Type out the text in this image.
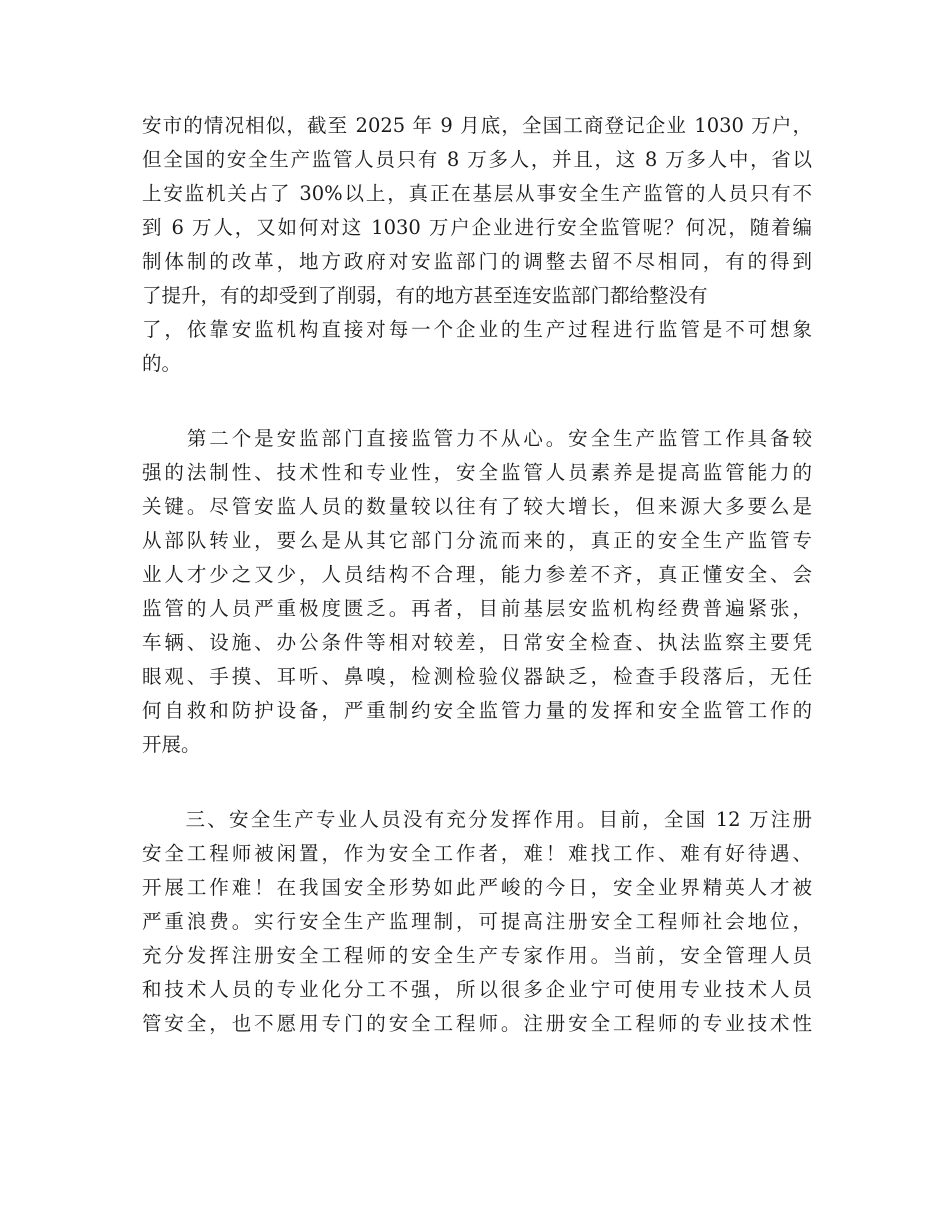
安市的情况相似，截至 2025 年 9 月底，全国工商登记企业 1030 万户，
但全国的安全生产监管人员只有 8 万多人，并且，这 8 万多人中，省以
上安监机关占了 30%以上，真正在基层从事安全生产监管的人员只有不
到 6 万人，又如何对这 1030 万户企业进行安全监管呢？何况，随着编
制体制的改革，地方政府对安监部门的调整去留不尽相同，有的得到
了提升，有的却受到了削弱，有的地方甚至连安监部门都给整没有
了，依靠安监机构直接对每一个企业的生产过程进行监管是不可想象
的。
　　第二个是安监部门直接监管力不从心。安全生产监管工作具备较
强的法制性、技术性和专业性，安全监管人员素养是提高监管能力的
关键。尽管安监人员的数量较以往有了较大增长，但来源大多要么是
从部队转业，要么是从其它部门分流而来的，真正的安全生产监管专
业人才少之又少，人员结构不合理，能力参差不齐，真正懂安全、会
监管的人员严重极度匮乏。再者，目前基层安监机构经费普遍紧张，
车辆、设施、办公条件等相对较差，日常安全检查、执法监察主要凭
眼观、手摸、耳听、鼻嗅，检测检验仪器缺乏，检查手段落后，无任
何自救和防护设备，严重制约安全监管力量的发挥和安全监管工作的
开展。
　　三、安全生产专业人员没有充分发挥作用。目前，全国 12 万注册
安全工程师被闲置，作为安全工作者，难！难找工作、难有好待遇、
开展工作难！在我国安全形势如此严峻的今日，安全业界精英人才被
严重浪费。实行安全生产监理制，可提高注册安全工程师社会地位，
充分发挥注册安全工程师的安全生产专家作用。当前，安全管理人员
和技术人员的专业化分工不强，所以很多企业宁可使用专业技术人员
管安全，也不愿用专门的安全工程师。注册安全工程师的专业技术性
